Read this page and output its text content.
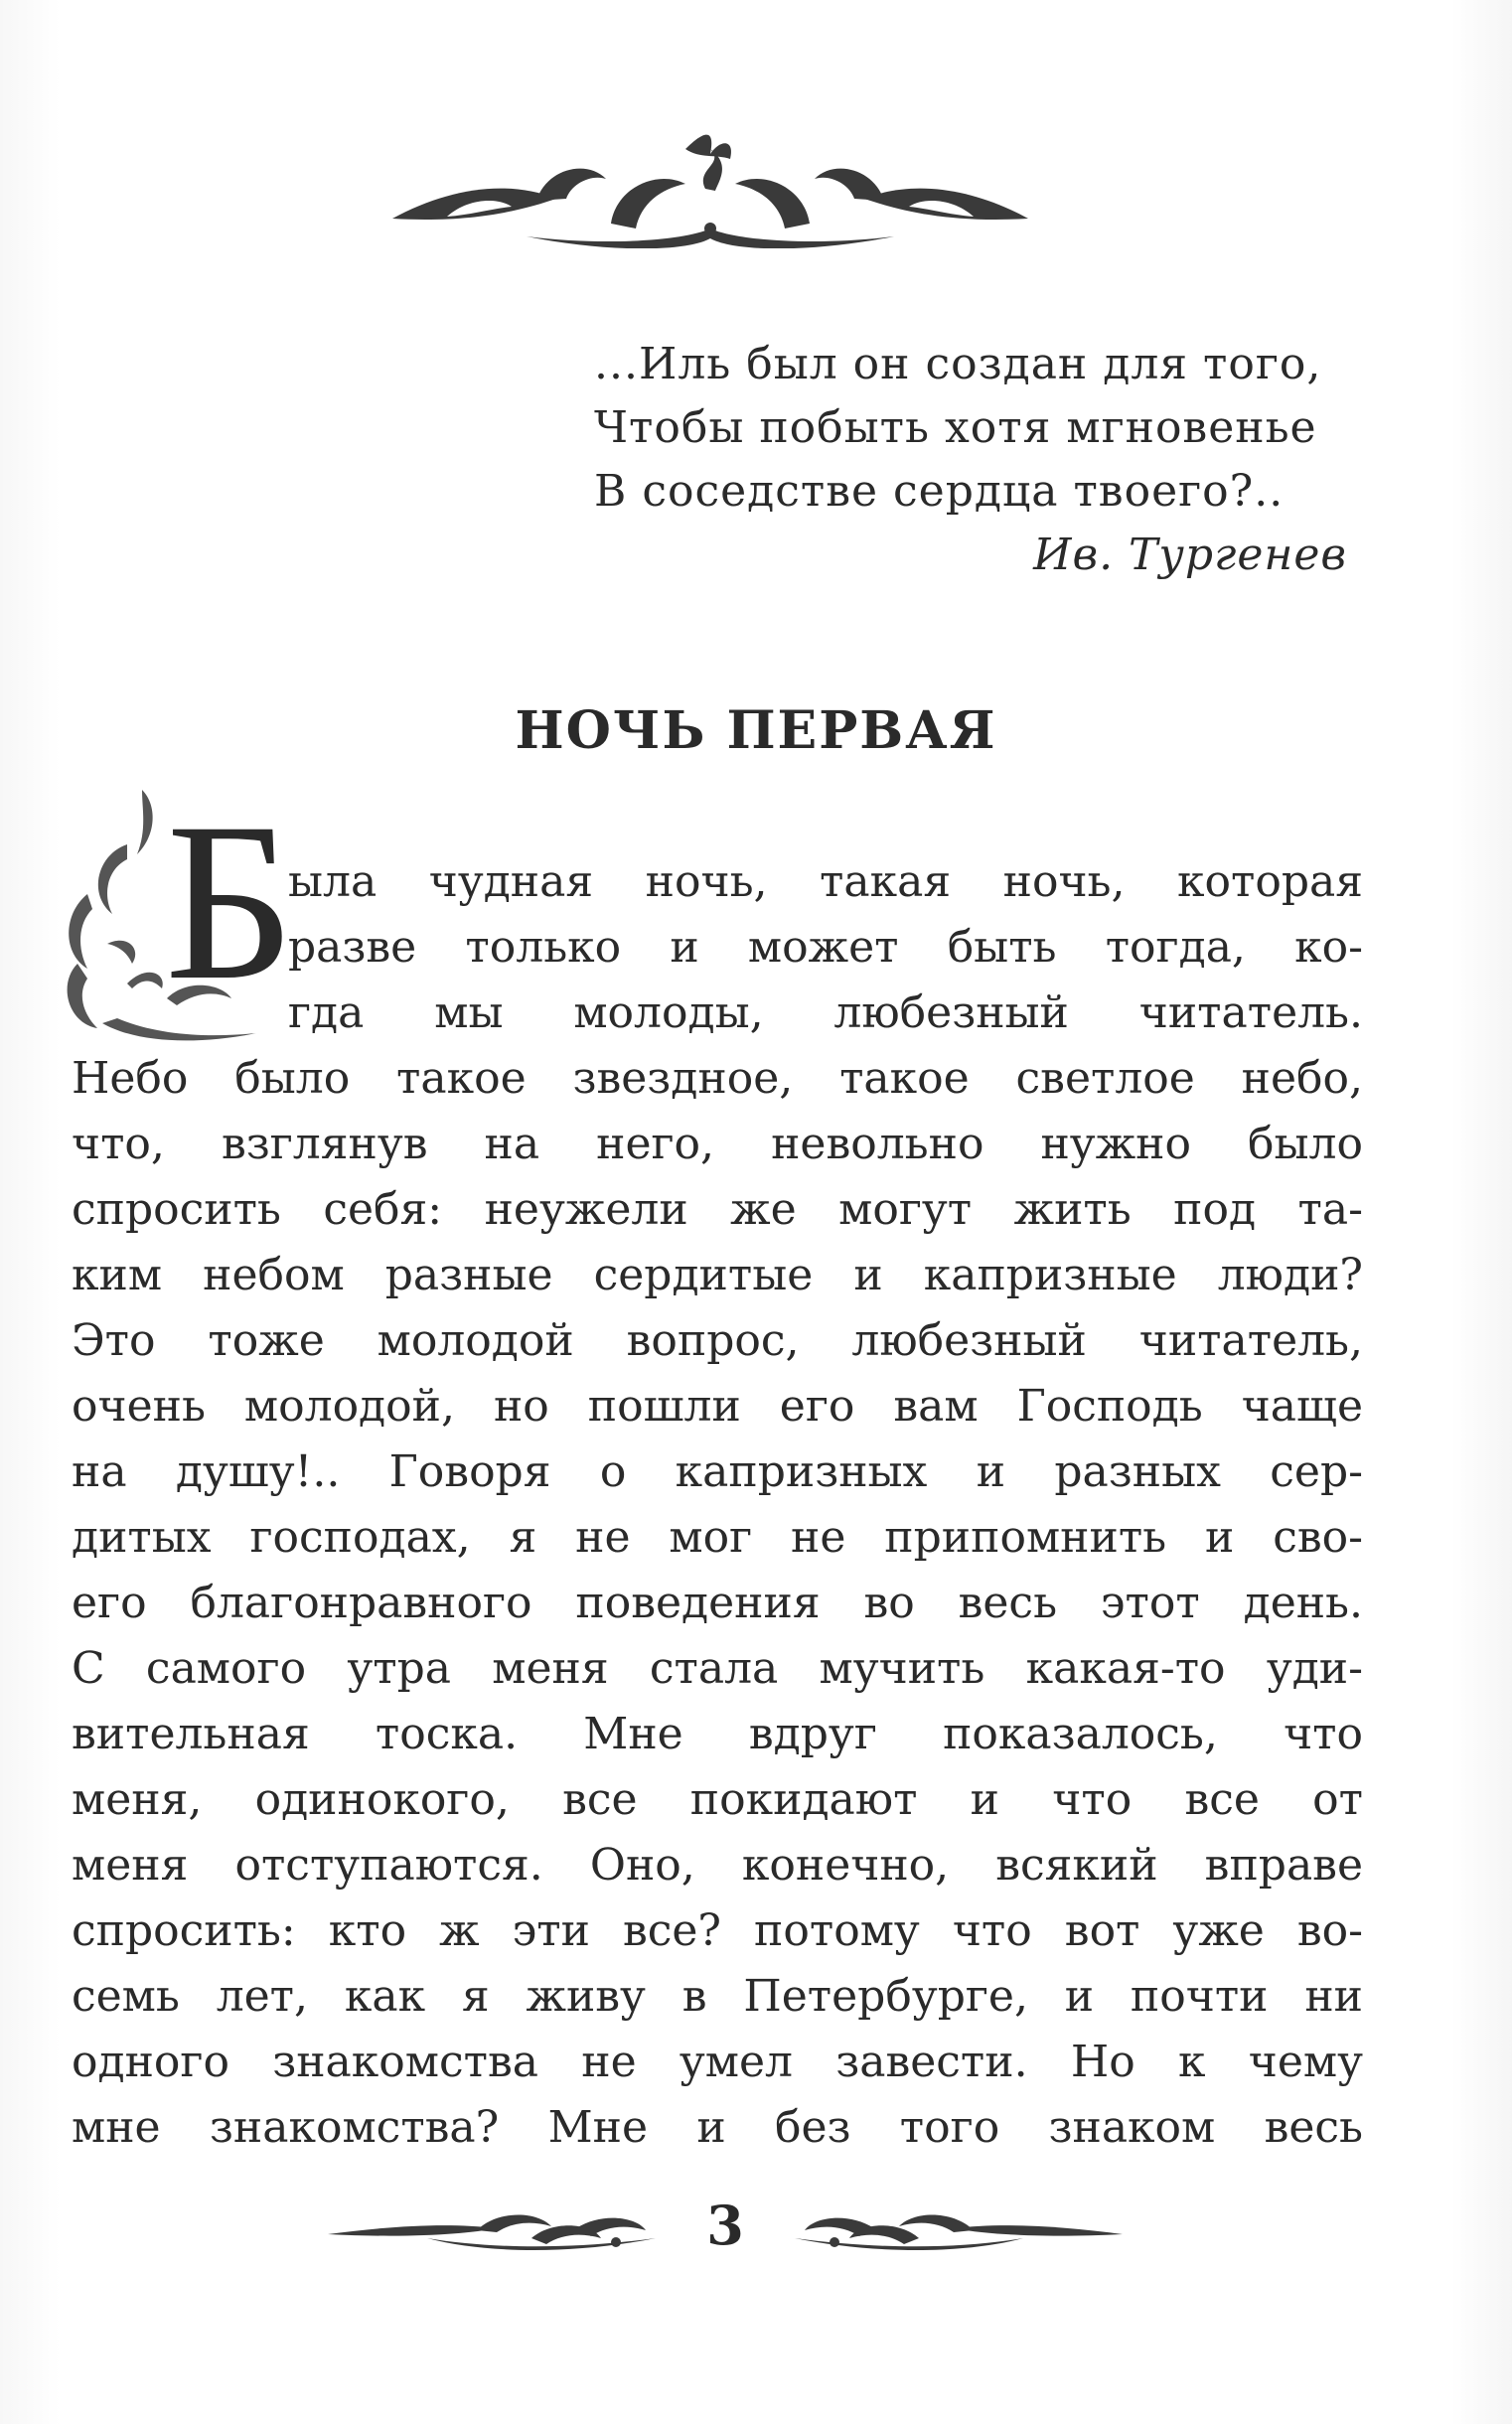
...Иль был он создан для того,
Чтобы побыть хотя мгновенье
В соседстве сердца твоего?..
Ив. Тургенев
НОЧЬ ПЕРВАЯ
Б
ыла чудная ночь, такая ночь, которая
разве только и может быть тогда, ко-
гда мы молоды, любезный читатель.
Небо было такое звездное, такое светлое небо,
что, взглянув на него, невольно нужно было
спросить себя: неужели же могут жить под та-
ким небом разные сердитые и капризные люди?
Это тоже молодой вопрос, любезный читатель,
очень молодой, но пошли его вам Господь чаще
на душу!.. Говоря о капризных и разных сер-
дитых господах, я не мог не припомнить и сво-
его благонравного поведения во весь этот день.
С самого утра меня стала мучить какая-то уди-
вительная тоска. Мне вдруг показалось, что
меня, одинокого, все покидают и что все от
меня отступаются. Оно, конечно, всякий вправе
спросить: кто ж эти все? потому что вот уже во-
семь лет, как я живу в Петербурге, и почти ни
одного знакомства не умел завести. Но к чему
мне знакомства? Мне и без того знаком весь
3
